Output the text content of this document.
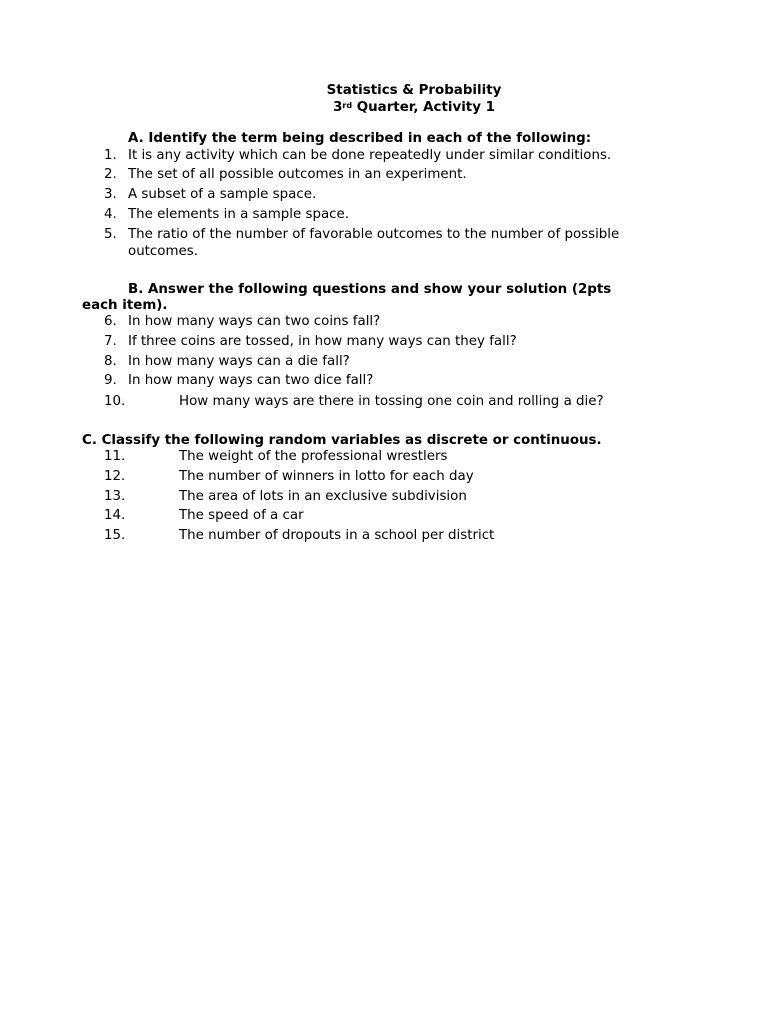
Statistics & Probability
3rd Quarter, Activity 1
A. Identify the term being described in each of the following:
1. It is any activity which can be done repeatedly under similar conditions.
2. The set of all possible outcomes in an experiment.
3. A subset of a sample space.
4. The elements in a sample space.
5. The ratio of the number of favorable outcomes to the number of possible outcomes.
B. Answer the following questions and show your solution (2pts
each item).
6. In how many ways can two coins fall?
7. If three coins are tossed, in how many ways can they fall?
8. In how many ways can a die fall?
9. In how many ways can two dice fall?
10.	How many ways are there in tossing one coin and rolling a die?
C. Classify the following random variables as discrete or continuous.
11.	The weight of the professional wrestlers
12.	The number of winners in lotto for each day
13.	The area of lots in an exclusive subdivision
14.	The speed of a car
15.	The number of dropouts in a school per district
